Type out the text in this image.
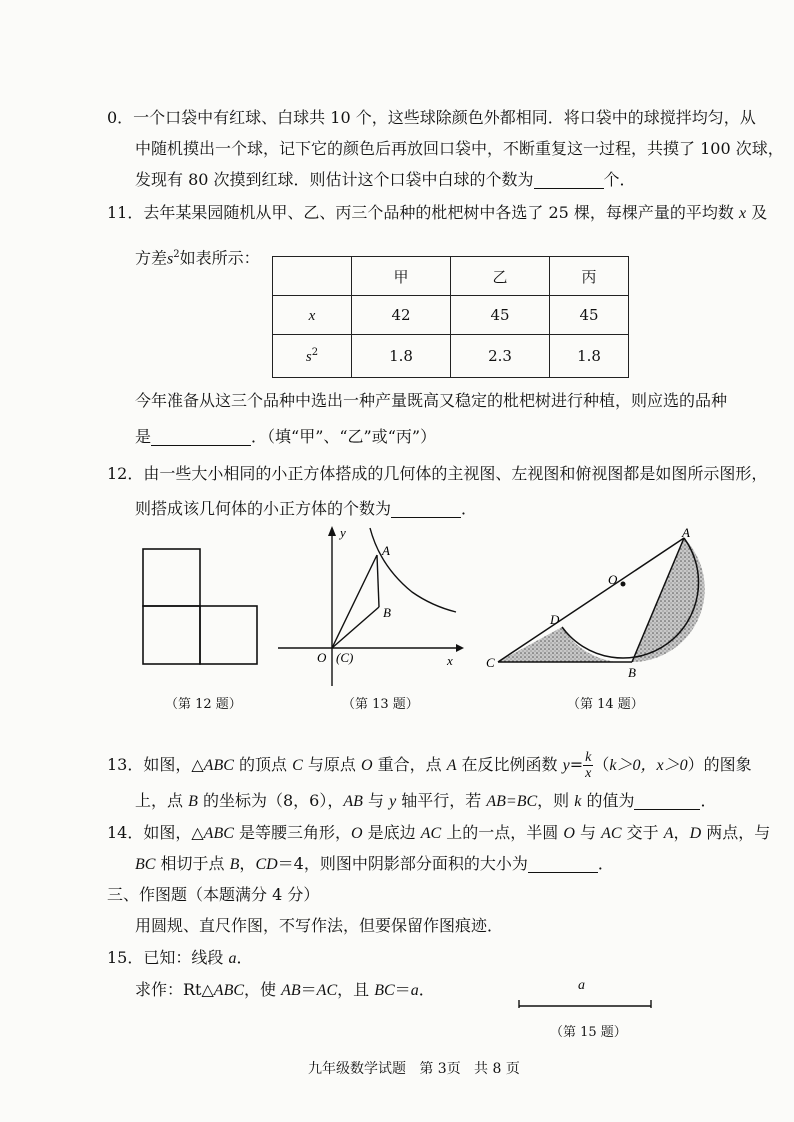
0．一个口袋中有红球、白球共 10 个，这些球除颜色外都相同．将口袋中的球搅拌均匀，从
中随机摸出一个球，记下它的颜色后再放回口袋中，不断重复这一过程，共摸了 100 次球，
发现有 80 次摸到红球．则估计这个口袋中白球的个数为	个．
11．去年某果园随机从甲、乙、丙三个品种的枇杷树中各选了 25 棵，每棵产量的平均数 x 及
方差$s^2$如表所示：
	甲	乙	丙
x	42	45	45
$s^2$	1.8	2.3	1.8
今年准备从这三个品种中选出一种产量既高又稳定的枇杷树进行种植，则应选的品种
是	．（填“甲”、“乙”或“丙”）
12．由一些大小相同的小正方体搭成的几何体的主视图、左视图和俯视图都是如图所示图形，
则搭成该几何体的小正方体的个数为	．
（第 12 题）
y
x
A
B
O (C)
（第 13 题）
A
O
D
C
B
（第 14 题）
13．如图，△ABC 的顶点 C 与原点 O 重合，点 A 在反比例函数 $y= \frac{k}{x} (k>0$，x＞0）的图象
上，点 B 的坐标为（8，6），AB 与 y 轴平行，若 AB=BC，则 k 的值为	．
14．如图，△ABC 是等腰三角形，O 是底边 AC 上的一点，半圆 O 与 AC 交于 A，D 两点，与
BC 相切于点 B，CD＝4，则图中阴影部分面积的大小为	．
三、作图题（本题满分 4 分）
用圆规、直尺作图，不写作法，但要保留作图痕迹．
15．已知：线段 a．
求作：Rt△ABC，使 AB＝AC，且 BC＝a．	a
（第 15 题）
九年级数学试题   第 3页   共 8 页
